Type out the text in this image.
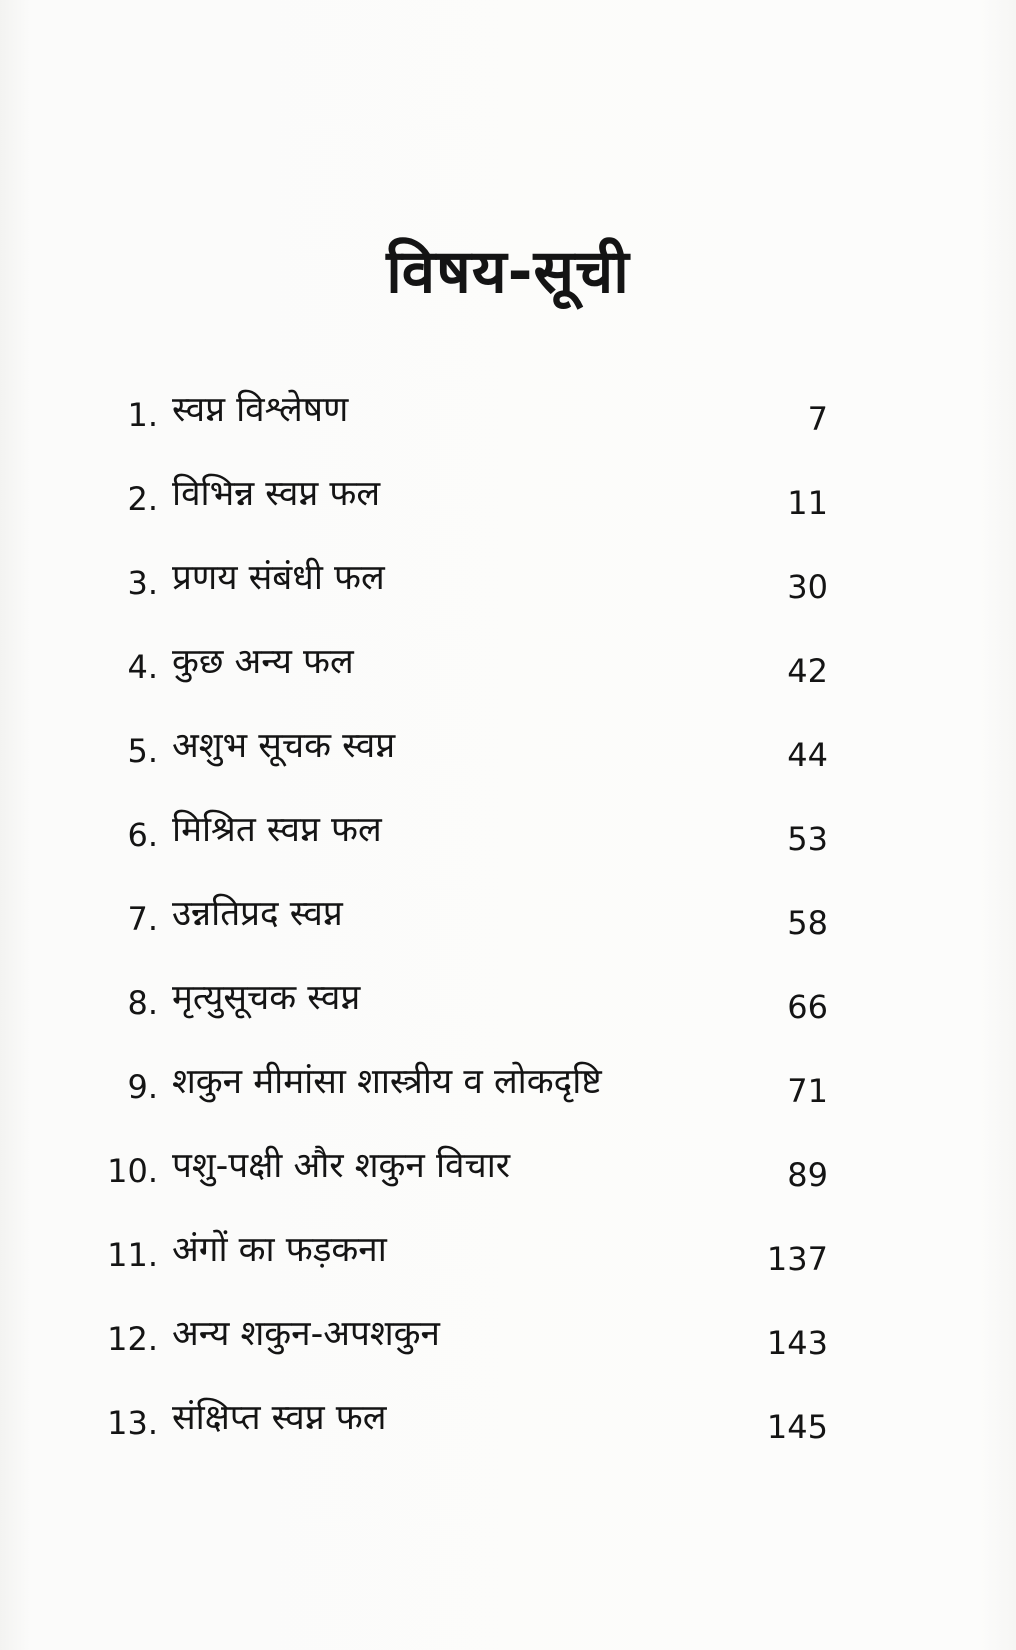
विषय-सूची
1. स्वप्न विश्लेषण	7
2. विभिन्न स्वप्न फल	11
3. प्रणय संबंधी फल	30
4. कुछ अन्य फल	42
5. अशुभ सूचक स्वप्न	44
6. मिश्रित स्वप्न फल	53
7. उन्नतिप्रद स्वप्न	58
8. मृत्युसूचक स्वप्न	66
9. शकुन मीमांसा शास्त्रीय व लोकदृष्टि	71
10. पशु-पक्षी और शकुन विचार	89
11. अंगों का फड़कना	137
12. अन्य शकुन-अपशकुन	143
13. संक्षिप्त स्वप्न फल	145
